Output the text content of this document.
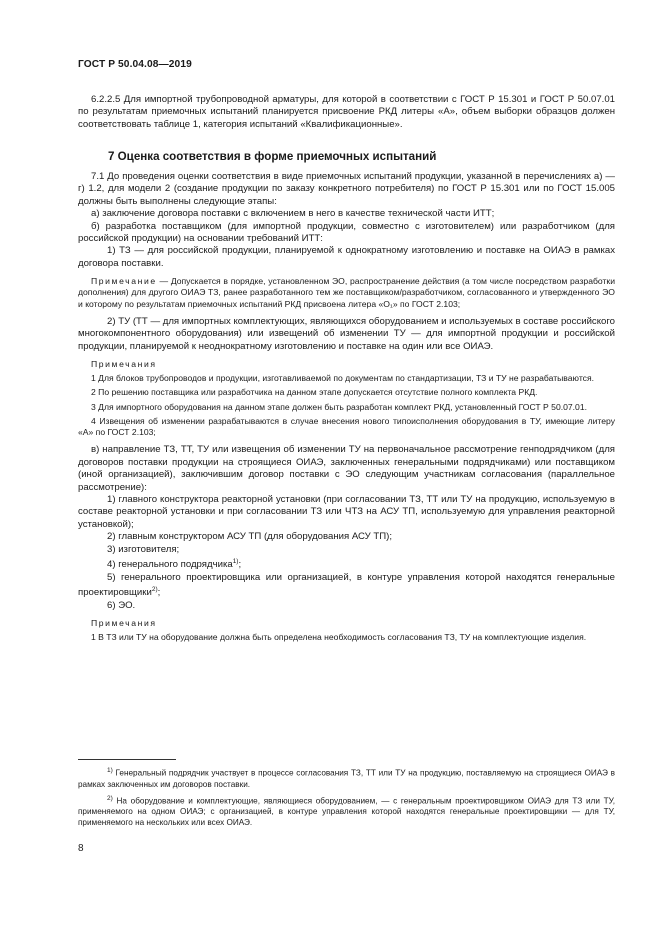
ГОСТ Р 50.04.08—2019

6.2.2.5 Для импортной трубопроводной арматуры, для которой в соответствии с ГОСТ Р 15.301 и ГОСТ Р 50.07.01 по результатам приемочных испытаний планируется присвоение РКД литеры «А», объем выборки образцов должен соответствовать таблице 1, категория испытаний «Квалификационные».

7 Оценка соответствия в форме приемочных испытаний

7.1 До проведения оценки соответствия в виде приемочных испытаний продукции, указанной в перечислениях а) — г) 1.2, для модели 2 (создание продукции по заказу конкретного потребителя) по ГОСТ Р 15.301 или по ГОСТ 15.005 должны быть выполнены следующие этапы:

а) заключение договора поставки с включением в него в качестве технической части ИТТ;

б) разработка поставщиком (для импортной продукции, совместно с изготовителем) или разработчиком (для российской продукции) на основании требований ИТТ:

1) ТЗ — для российской продукции, планируемой к однократному изготовлению и поставке на ОИАЭ в рамках договора поставки.

Примечание — Допускается в порядке, установленном ЭО, распространение действия (а том числе посредством разработки дополнения) для другого ОИАЭ ТЗ, ранее разработанного тем же поставщиком/разработчиком, согласованного и утвержденного ЭО и которому по результатам приемочных испытаний РКД присвоена литера «О₁» по ГОСТ 2.103;

2) ТУ (ТТ — для импортных комплектующих, являющихся оборудованием и используемых в составе российского многокомпонентного оборудования) или извещений об изменении ТУ — для импортной продукции и российской продукции, планируемой к неоднократному изготовлению и поставке на один или все ОИАЭ.

Примечания

1 Для блоков трубопроводов и продукции, изготавливаемой по документам по стандартизации, ТЗ и ТУ не разрабатываются.

2 По решению поставщика или разработчика на данном этапе допускается отсутствие полного комплекта РКД.

3 Для импортного оборудования на данном этапе должен быть разработан комплект РКД, установленный ГОСТ Р 50.07.01.

4 Извещения об изменении разрабатываются в случае внесения нового типоисполнения оборудования в ТУ, имеющие литеру «А» по ГОСТ 2.103;

в) направление ТЗ, ТТ, ТУ или извещения об изменении ТУ на первоначальное рассмотрение генподрядчиком (для договоров поставки продукции на строящиеся ОИАЭ, заключенных генеральными подрядчиками) или поставщиком (иной организацией), заключившим договор поставки с ЭО следующим участникам согласования (параллельное рассмотрение):

1) главного конструктора реакторной установки (при согласовании ТЗ, ТТ или ТУ на продукцию, используемую в составе реакторной установки и при согласовании ТЗ или ЧТЗ на АСУ ТП, используемую для управления реакторной установкой);

2) главным конструктором АСУ ТП (для оборудования АСУ ТП);

3) изготовителя;

4) генерального подрядчика$^{1)}$;

5) генерального проектировщика или организацией, в контуре управления которой находятся генеральные проектировщики$^{2)}$;

6) ЭО.

Примечания

1 В ТЗ или ТУ на оборудование должна быть определена необходимость согласования ТЗ, ТУ на комплектующие изделия.

$^{1)}$ Генеральный подрядчик участвует в процессе согласования ТЗ, ТТ или ТУ на продукцию, поставляемую на строящиеся ОИАЭ в рамках заключенных им договоров поставки.

$^{2)}$ На оборудование и комплектующие, являющиеся оборудованием, — с генеральным проектировщиком ОИАЭ для ТЗ или ТУ, применяемого на одном ОИАЭ; с организацией, в контуре управления которой находятся генеральные проектировщики — для ТУ, применяемого на нескольких или всех ОИАЭ.

8
